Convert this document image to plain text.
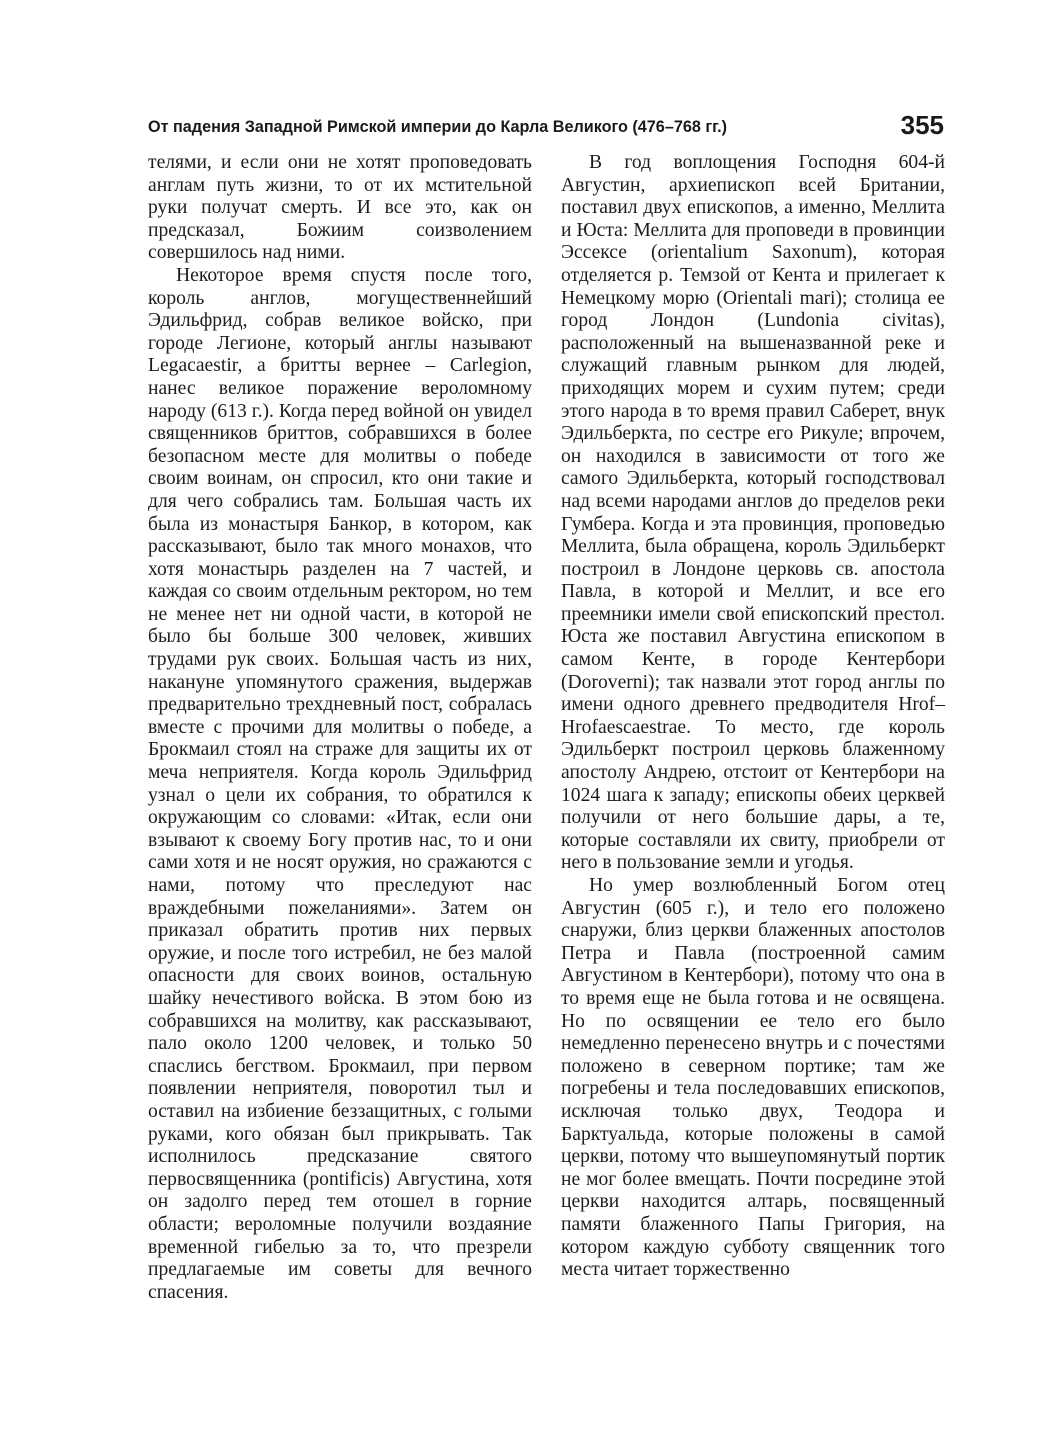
От падения Западной Римской империи до Карла Великого (476–768 гг.)	355

телями, и если они не хотят проповедовать англам путь жизни, то от их мстительной руки получат смерть. И все это, как он предсказал, Божиим соизволением совершилось над ними.

Некоторое время спустя после того, король англов, могущественнейший Эдильфрид, собрав великое войско, при городе Легионе, который англы называют Legacaestir, а бритты вернее – Carlegion, нанес великое поражение вероломному народу (613 г.). Когда перед войной он увидел священников бриттов, собравшихся в более безопасном месте для молитвы о победе своим воинам, он спросил, кто они такие и для чего собрались там. Большая часть их была из монастыря Банкор, в котором, как рассказывают, было так много монахов, что хотя монастырь разделен на 7 частей, и каждая со своим отдельным ректором, но тем не менее нет ни одной части, в которой не было бы больше 300 человек, живших трудами рук своих. Большая часть из них, накануне упомянутого сражения, выдержав предварительно трехдневный пост, собралась вместе с прочими для молитвы о победе, а Брокмаил стоял на страже для защиты их от меча неприятеля. Когда король Эдильфрид узнал о цели их собрания, то обратился к окружающим со словами: «Итак, если они взывают к своему Богу против нас, то и они сами хотя и не носят оружия, но сражаются с нами, потому что преследуют нас враждебными пожеланиями». Затем он приказал обратить против них первых оружие, и после того истребил, не без малой опасности для своих воинов, остальную шайку нечестивого войска. В этом бою из собравшихся на молитву, как рассказывают, пало около 1200 человек, и только 50 спаслись бегством. Брокмаил, при первом появлении неприятеля, поворотил тыл и оставил на избиение беззащитных, с голыми руками, кого обязан был прикрывать. Так исполнилось предсказание святого первосвященника (pontificis) Августина, хотя он задолго перед тем отошел в горние области; вероломные получили воздаяние временной гибелью за то, что презрели предлагаемые им советы для вечного спасения.

В год воплощения Господня 604-й Августин, архиепископ всей Британии, поставил двух епископов, а именно, Меллита и Юста: Меллита для проповеди в провинции Эссексе (orientalium Saxonum), которая отделяется р. Темзой от Кента и прилегает к Немецкому морю (Orientali mari); столица ее город Лондон (Lundonia civitas), расположенный на вышеназванной реке и служащий главным рынком для людей, приходящих морем и сухим путем; среди этого народа в то время правил Саберет, внук Эдильберкта, по сестре его Рикуле; впрочем, он находился в зависимости от того же самого Эдильберкта, который господствовал над всеми народами англов до пределов реки Гумбера. Когда и эта провинция, проповедью Меллита, была обращена, король Эдильберкт построил в Лондоне церковь св. апостола Павла, в которой и Меллит, и все его преемники имели свой епископский престол. Юста же поставил Августина епископом в самом Кенте, в городе Кентербори (Doroverni); так назвали этот город англы по имени одного древнего предводителя Hrof–Hrofaescaestrae. То место, где король Эдильберкт построил церковь блаженному апостолу Андрею, отстоит от Кентербори на 1024 шага к западу; епископы обеих церквей получили от него большие дары, а те, которые составляли их свиту, приобрели от него в пользование земли и угодья.

Но умер возлюбленный Богом отец Августин (605 г.), и тело его положено снаружи, близ церкви блаженных апостолов Петра и Павла (построенной самим Августином в Кентербори), потому что она в то время еще не была готова и не освящена. Но по освящении ее тело его было немедленно перенесено внутрь и с почестями положено в северном портике; там же погребены и тела последовавших епископов, исключая только двух, Теодора и Барктуальда, которые положены в самой церкви, потому что вышеупомянутый портик не мог более вмещать. Почти посредине этой церкви находится алтарь, посвященный памяти блаженного Папы Григория, на котором каждую субботу священник того места читает торжественно
